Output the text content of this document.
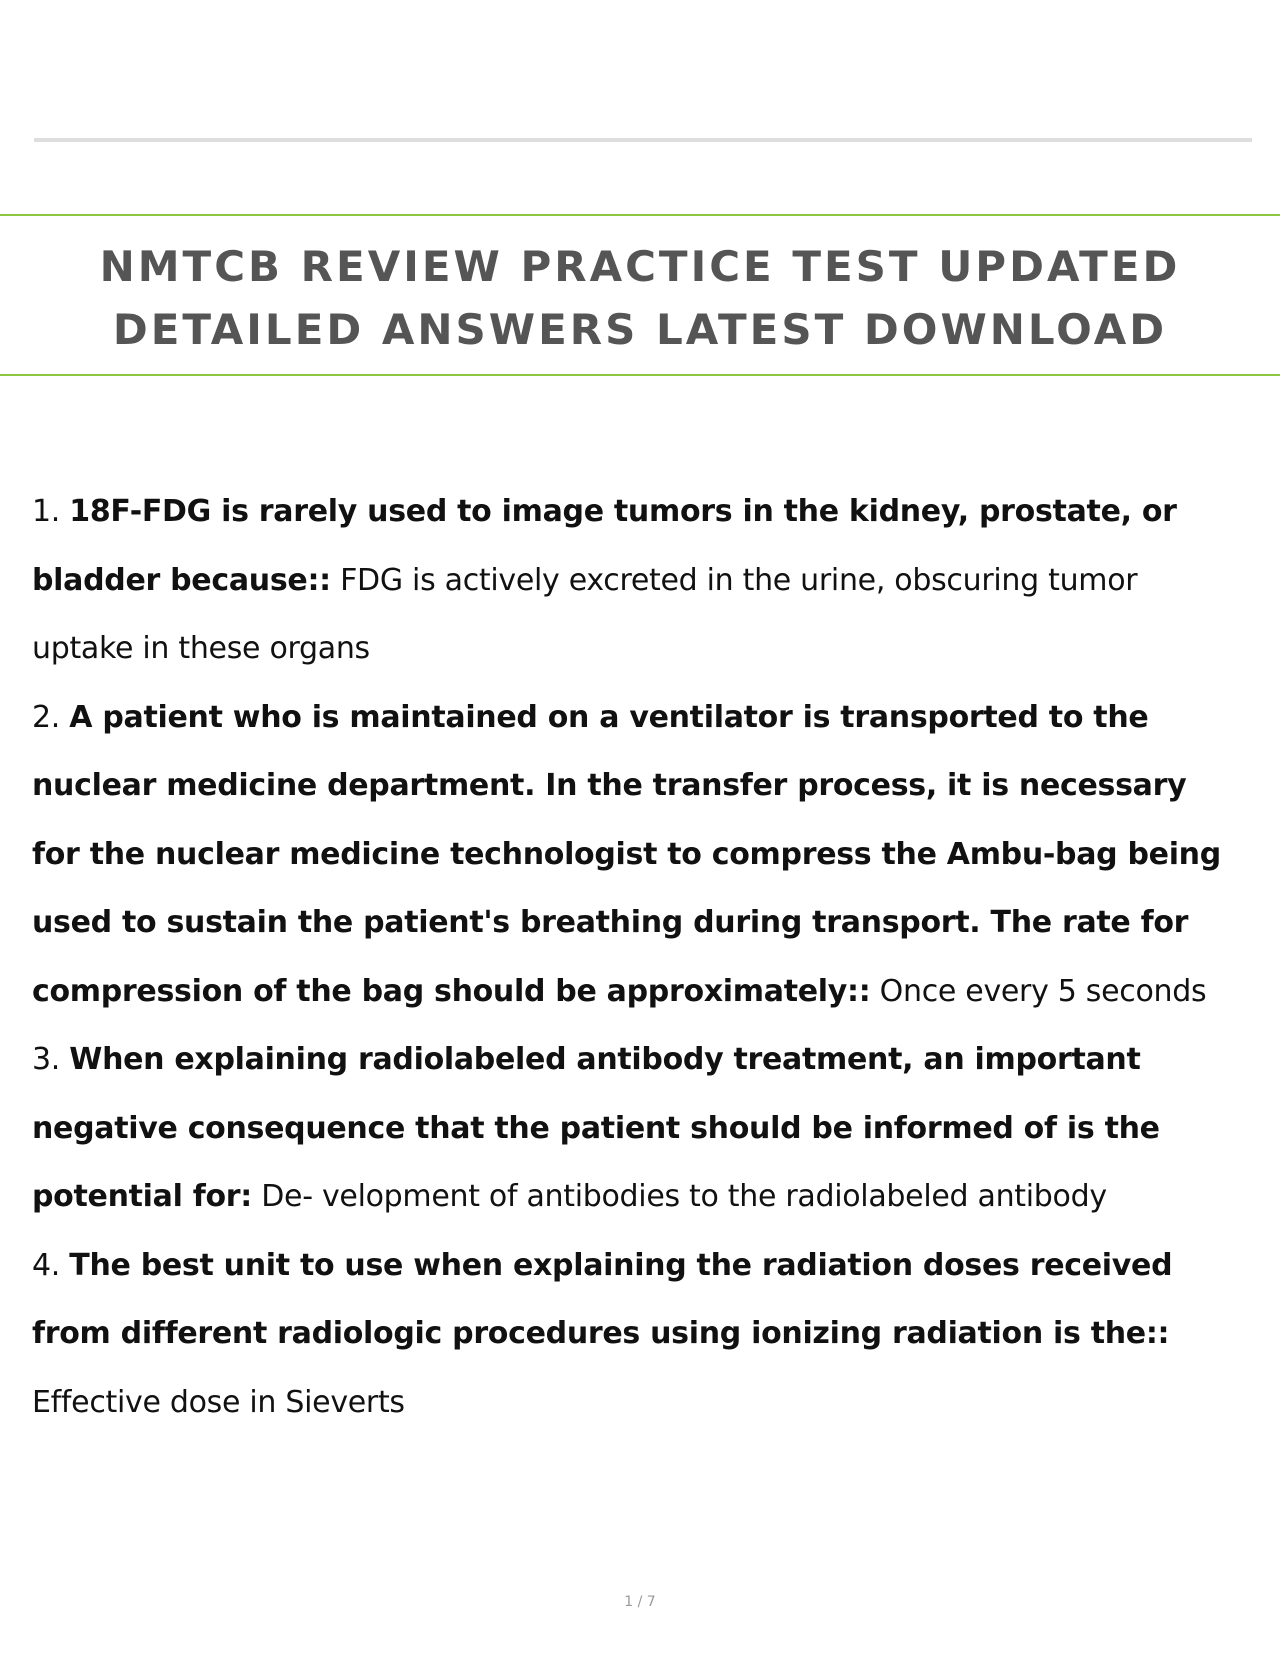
NMTCB REVIEW PRACTICE TEST UPDATED
DETAILED ANSWERS LATEST DOWNLOAD
1. 18F-FDG is rarely used to image tumors in the kidney, prostate, or bladder because:: FDG is actively excreted in the urine, obscuring tumor uptake in these organs
2. A patient who is maintained on a ventilator is transported to the nuclear medicine department. In the transfer process, it is necessary for the nuclear medicine technologist to compress the Ambu-bag being used to sustain the patient's breathing during transport. The rate for compression of the bag should be approximately:: Once every 5 seconds
3. When explaining radiolabeled antibody treatment, an important negative consequence that the patient should be informed of is the potential for: De- velopment of antibodies to the radiolabeled antibody
4. The best unit to use when explaining the radiation doses received from different radiologic procedures using ionizing radiation is the:: Effective dose in Sieverts
1 / 7
